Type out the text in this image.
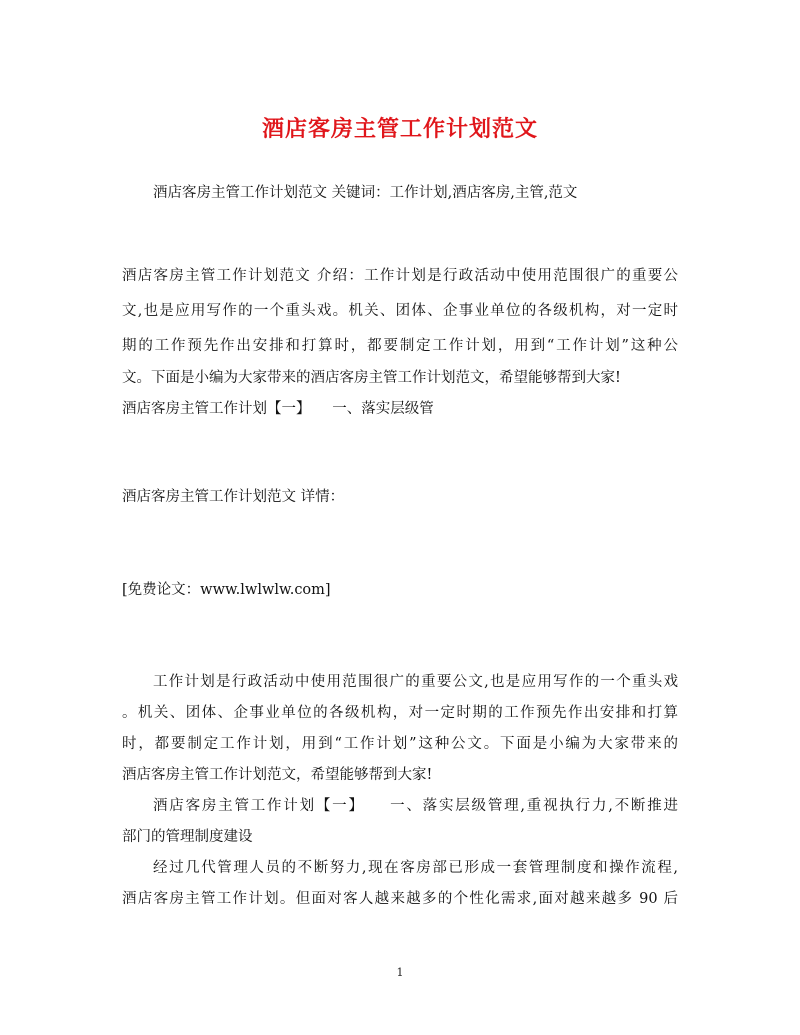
酒店客房主管工作计划范文
酒店客房主管工作计划范文 关键词：工作计划,酒店客房,主管,范文
酒店客房主管工作计划范文 介绍：工作计划是行政活动中使用范围很广的重要公
文,也是应用写作的一个重头戏。机关、团体、企事业单位的各级机构，对一定时
期的工作预先作出安排和打算时，都要制定工作计划，用到“工作计划”这种公
文。下面是小编为大家带来的酒店客房主管工作计划范文，希望能够帮到大家!
酒店客房主管工作计划【一】　　一、落实层级管
酒店客房主管工作计划范文 详情：
[免费论文：www.lwlwlw.com]
工作计划是行政活动中使用范围很广的重要公文,也是应用写作的一个重头戏
。机关、团体、企事业单位的各级机构，对一定时期的工作预先作出安排和打算
时，都要制定工作计划，用到“工作计划”这种公文。下面是小编为大家带来的
酒店客房主管工作计划范文，希望能够帮到大家!
酒店客房主管工作计划【一】　　一、落实层级管理,重视执行力,不断推进
部门的管理制度建设
经过几代管理人员的不断努力,现在客房部已形成一套管理制度和操作流程,
酒店客房主管工作计划。但面对客人越来越多的个性化需求,面对越来越多 90 后
1
